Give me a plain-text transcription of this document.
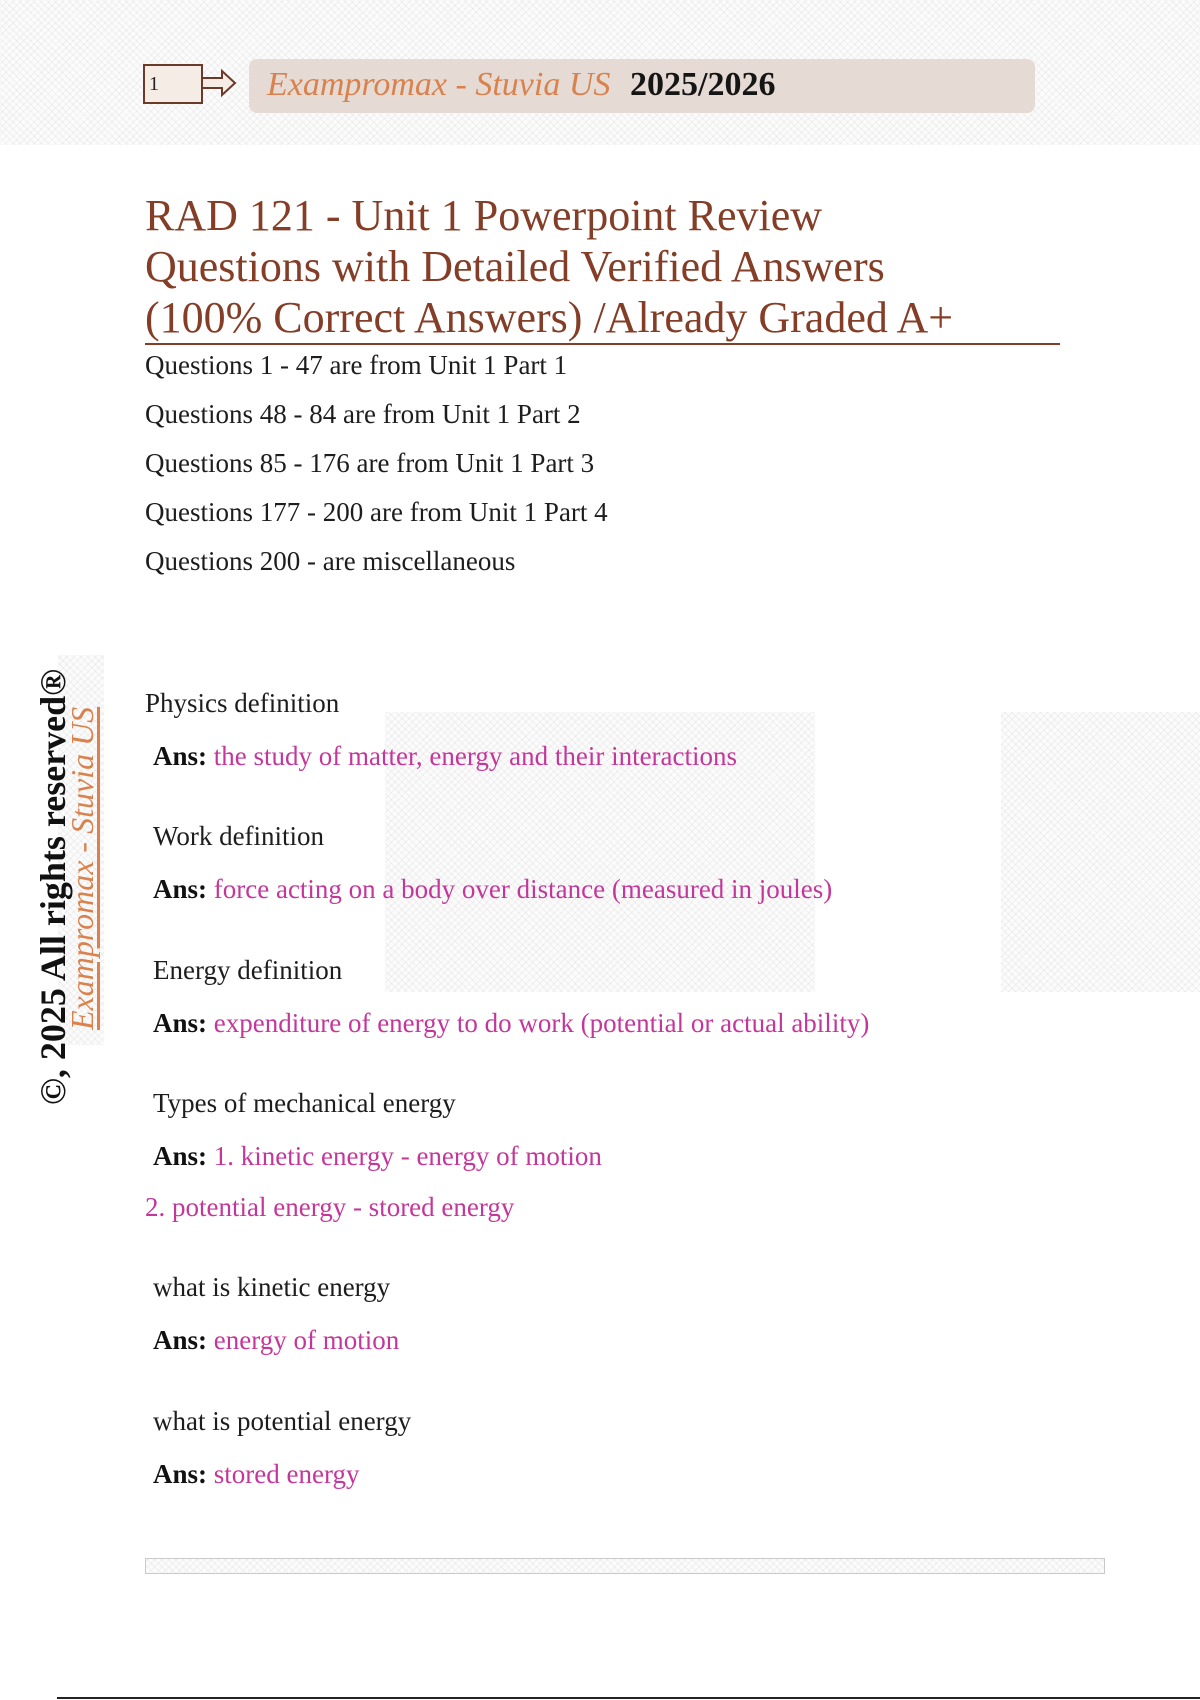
1	Exampromax - Stuvia US 2025/2026
©, 2025 All rights reserved®
Exampromax - Stuvia US
RAD 121 - Unit 1 Powerpoint Review
Questions with Detailed Verified Answers
(100% Correct Answers) /Already Graded A+
Questions 1 - 47 are from Unit 1 Part 1
Questions 48 - 84 are from Unit 1 Part 2
Questions 85 - 176 are from Unit 1 Part 3
Questions 177 - 200 are from Unit 1 Part 4
Questions 200 - are miscellaneous
Physics definition
Ans: the study of matter, energy and their interactions
Work definition
Ans: force acting on a body over distance (measured in joules)
Energy definition
Ans: expenditure of energy to do work (potential or actual ability)
Types of mechanical energy
Ans: 1. kinetic energy - energy of motion
2. potential energy - stored energy
what is kinetic energy
Ans: energy of motion
what is potential energy
Ans: stored energy
